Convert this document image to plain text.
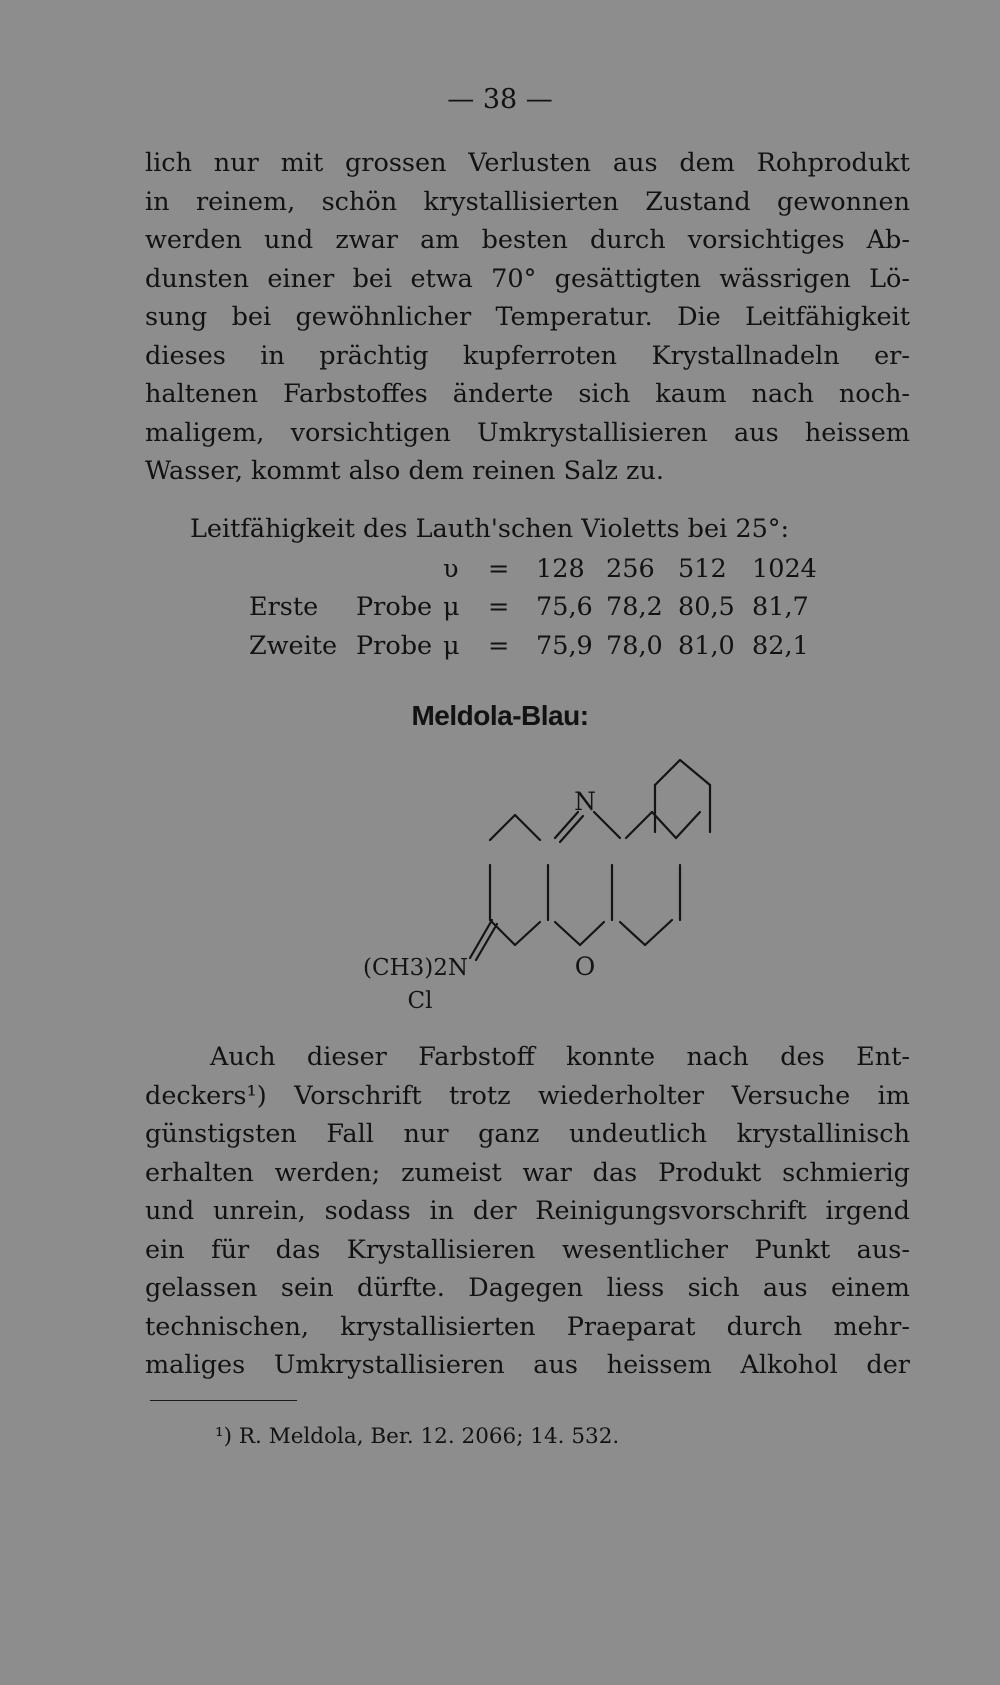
— 38 —
lich nur mit grossen Verlusten aus dem Rohprodukt
in reinem, schön krystallisierten Zustand gewonnen
werden und zwar am besten durch vorsichtiges Ab-
dunsten einer bei etwa 70° gesättigten wässrigen Lö-
sung bei gewöhnlicher Temperatur. Die Leitfähigkeit
dieses in prächtig kupferroten Krystallnadeln er-
haltenen Farbstoffes änderte sich kaum nach noch-
maligem, vorsichtigen Umkrystallisieren aus heissem
Wasser, kommt also dem reinen Salz zu.
Leitfähigkeit des Lauth'schen Violetts bei 25°:
υ = 128 256 512 1024
Erste Probe μ = 75,6 78,2 80,5 81,7
Zweite Probe μ = 75,9 78,0 81,0 82,1
Meldola-Blau:
N
O
(CH3)2N
Cl
Auch dieser Farbstoff konnte nach des Ent-
deckers¹) Vorschrift trotz wiederholter Versuche im
günstigsten Fall nur ganz undeutlich krystallinisch
erhalten werden; zumeist war das Produkt schmierig
und unrein, sodass in der Reinigungsvorschrift irgend
ein für das Krystallisieren wesentlicher Punkt aus-
gelassen sein dürfte. Dagegen liess sich aus einem
technischen, krystallisierten Praeparat durch mehr-
maliges Umkrystallisieren aus heissem Alkohol der
¹) R. Meldola, Ber. 12. 2066; 14. 532.
